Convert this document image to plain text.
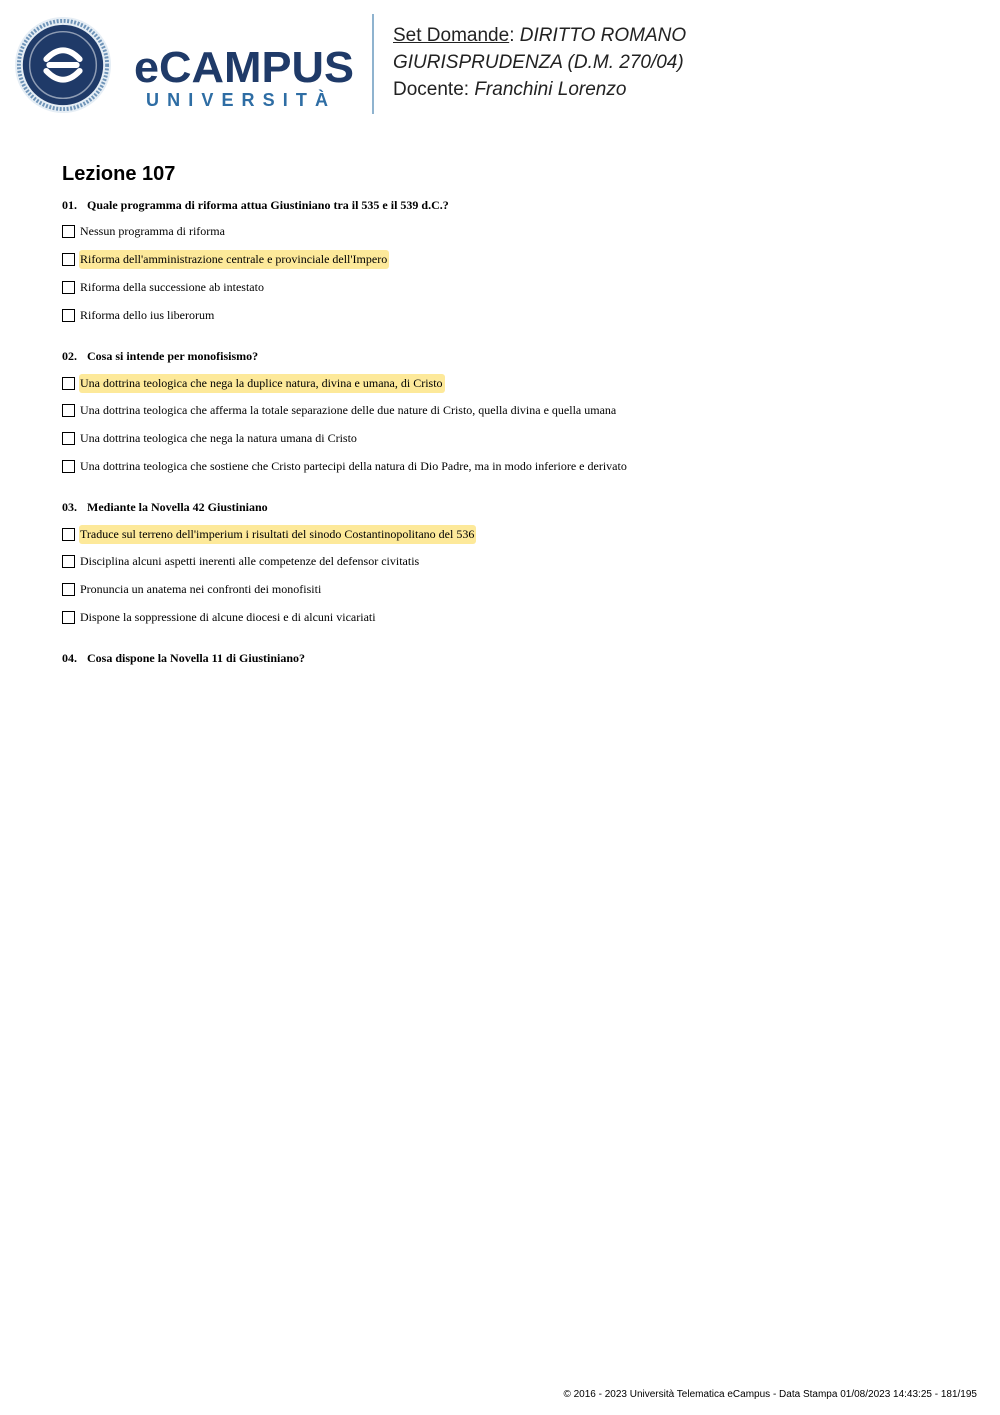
eCAMPUS
UNIVERSITÀ
Set Domande: DIRITTO ROMANO
GIURISPRUDENZA (D.M. 270/04)
Docente: Franchini Lorenzo
Lezione 107
01. Quale programma di riforma attua Giustiniano tra il 535 e il 539 d.C.?
Nessun programma di riforma
Riforma dell'amministrazione centrale e provinciale dell'Impero
Riforma della successione ab intestato
Riforma dello ius liberorum
02. Cosa si intende per monofisismo?
Una dottrina teologica che nega la duplice natura, divina e umana, di Cristo
Una dottrina teologica che afferma la totale separazione delle due nature di Cristo, quella divina e quella umana
Una dottrina teologica che nega la natura umana di Cristo
Una dottrina teologica che sostiene che Cristo partecipi della natura di Dio Padre, ma in modo inferiore e derivato
03. Mediante la Novella 42 Giustiniano
Traduce sul terreno dell'imperium i risultati del sinodo Costantinopolitano del 536
Disciplina alcuni aspetti inerenti alle competenze del defensor civitatis
Pronuncia un anatema nei confronti dei monofisiti
Dispone la soppressione di alcune diocesi e di alcuni vicariati
04. Cosa dispone la Novella 11 di Giustiniano?
© 2016 - 2023 Università Telematica eCampus - Data Stampa 01/08/2023 14:43:25 - 181/195
